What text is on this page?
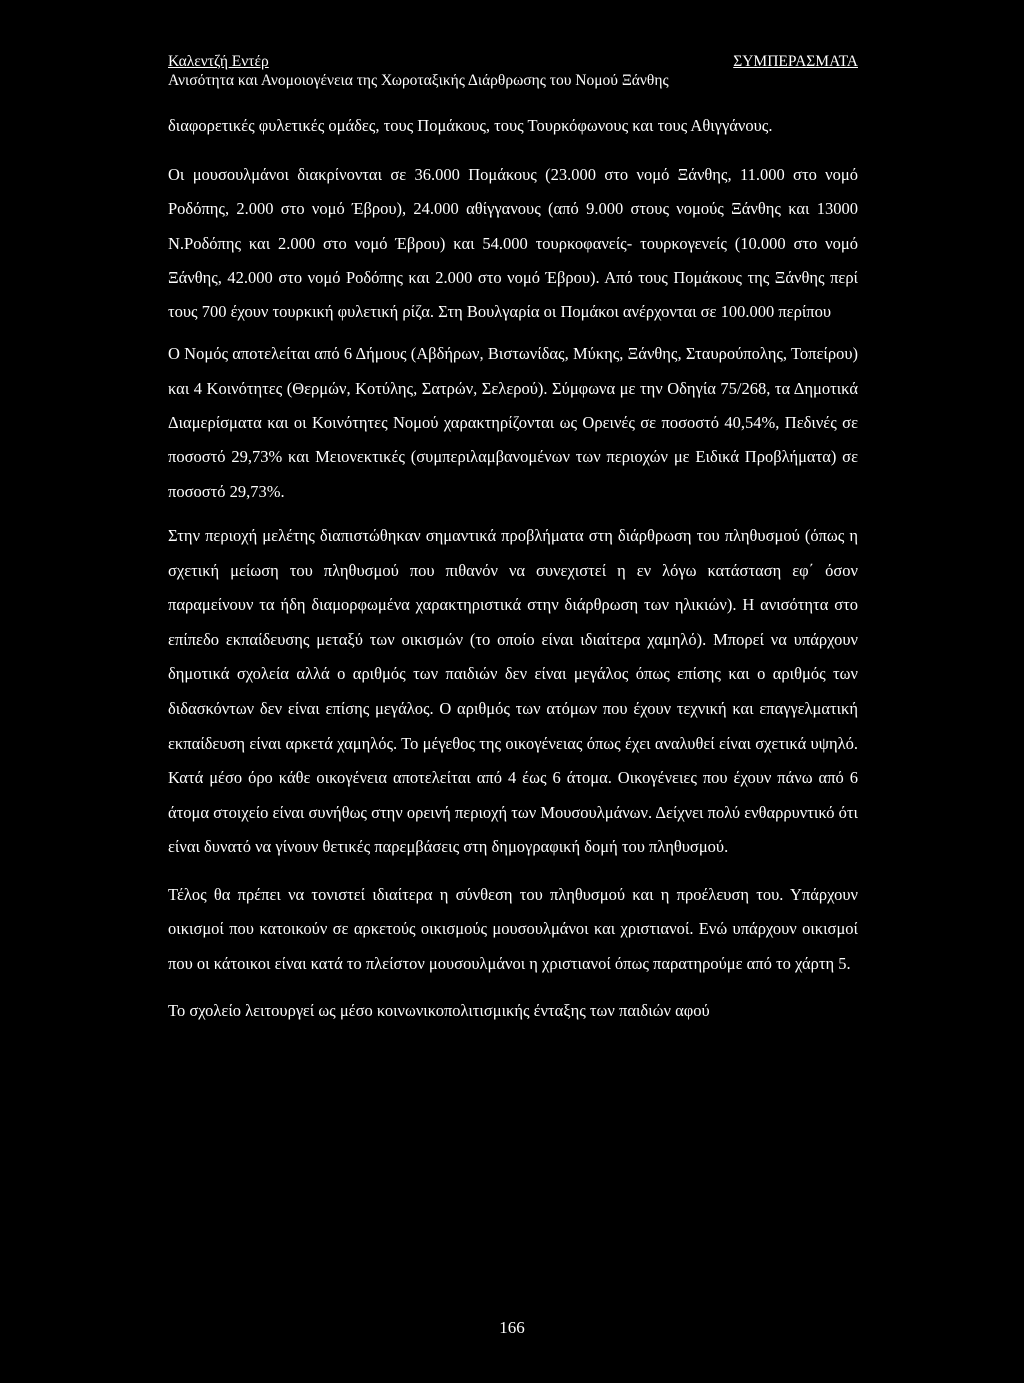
Καλεντζή Εντέρ	ΣΥΜΠΕΡΑΣΜΑΤΑ
Ανισότητα και Ανομοιογένεια της Χωροταξικής Διάρθρωσης του Νομού Ξάνθης

διαφορετικές φυλετικές ομάδες, τους Πομάκους, τους Τουρκόφωνους και τους Αθιγγάνους.

Οι μουσουλμάνοι διακρίνονται σε 36.000 Πομάκους (23.000 στο νομό Ξάνθης, 11.000 στο νομό Ροδόπης, 2.000 στο νομό Έβρου), 24.000 αθίγγανους (από 9.000 στους νομούς Ξάνθης και 13000 Ν.Ροδόπης και 2.000 στο νομό Έβρου) και 54.000 τουρκοφανείς- τουρκογενείς (10.000 στο νομό Ξάνθης, 42.000 στο νομό Ροδόπης και 2.000 στο νομό Έβρου). Από τους Πομάκους της Ξάνθης περί τους 700 έχουν τουρκική φυλετική ρίζα. Στη Βουλγαρία οι Πομάκοι ανέρχονται σε 100.000 περίπου

Ο Νομός αποτελείται από 6 Δήμους (Αβδήρων, Βιστωνίδας, Μύκης, Ξάνθης, Σταυρούπολης, Τοπείρου) και 4 Κοινότητες (Θερμών, Κοτύλης, Σατρών, Σελερού). Σύμφωνα με την Οδηγία 75/268, τα Δημοτικά Διαμερίσματα και οι Κοινότητες Νομού χαρακτηρίζονται ως Ορεινές σε ποσοστό 40,54%, Πεδινές σε ποσοστό 29,73% και Μειονεκτικές (συμπεριλαμβανομένων των περιοχών με Ειδικά Προβλήματα) σε ποσοστό 29,73%.

Στην περιοχή μελέτης διαπιστώθηκαν σημαντικά προβλήματα στη διάρθρωση του πληθυσμού (όπως η σχετική μείωση του πληθυσμού που πιθανόν να συνεχιστεί η εν λόγω κατάσταση εφ΄ όσον παραμείνουν τα ήδη διαμορφωμένα χαρακτηριστικά στην διάρθρωση των ηλικιών). Η ανισότητα στο επίπεδο εκπαίδευσης μεταξύ των οικισμών (το οποίο είναι ιδιαίτερα χαμηλό). Μπορεί να υπάρχουν δημοτικά σχολεία αλλά ο αριθμός των παιδιών δεν είναι μεγάλος όπως επίσης και ο αριθμός των διδασκόντων δεν είναι επίσης μεγάλος. Ο αριθμός των ατόμων που έχουν τεχνική και επαγγελματική εκπαίδευση είναι αρκετά χαμηλός. Το μέγεθος της οικογένειας όπως έχει αναλυθεί είναι σχετικά υψηλό. Κατά μέσο όρο κάθε οικογένεια αποτελείται από 4 έως 6 άτομα. Οικογένειες που έχουν πάνω από 6 άτομα στοιχείο είναι συνήθως στην ορεινή περιοχή των Μουσουλμάνων. Δείχνει πολύ ενθαρρυντικό ότι είναι δυνατό να γίνουν θετικές παρεμβάσεις στη δημογραφική δομή του πληθυσμού.

Τέλος θα πρέπει να τονιστεί ιδιαίτερα η σύνθεση του πληθυσμού και η προέλευση του. Υπάρχουν οικισμοί που κατοικούν σε αρκετούς οικισμούς μουσουλμάνοι και χριστιανοί. Ενώ υπάρχουν οικισμοί που οι κάτοικοι είναι κατά το πλείστον μουσουλμάνοι η χριστιανοί όπως παρατηρούμε από το χάρτη 5.

Το σχολείο λειτουργεί ως μέσο κοινωνικοπολιτισμικής ένταξης των παιδιών αφού

166
